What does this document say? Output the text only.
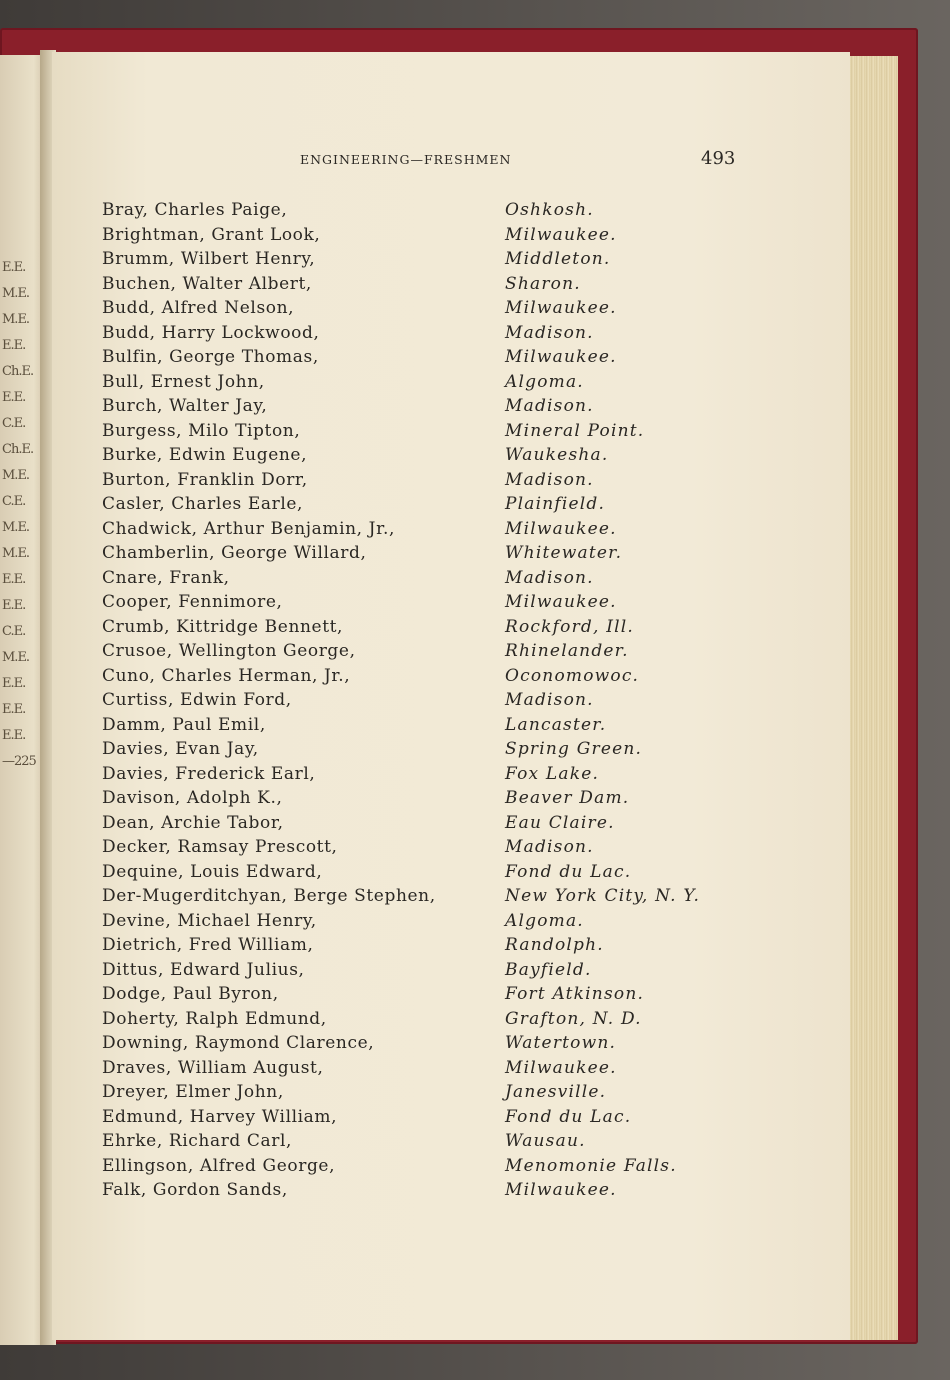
E.E.
M.E.
M.E.
E.E.
Ch.E.
E.E.
C.E.
Ch.E.
M.E.
C.E.
M.E.
M.E.
E.E.
E.E.
C.E.
M.E.
E.E.
E.E.
E.E.
—225
ENGINEERING—FRESHMEN	493
Bray, Charles Paige,	Oshkosh.
Brightman, Grant Look,	Milwaukee.
Brumm, Wilbert Henry,	Middleton.
Buchen, Walter Albert,	Sharon.
Budd, Alfred Nelson,	Milwaukee.
Budd, Harry Lockwood,	Madison.
Bulfin, George Thomas,	Milwaukee.
Bull, Ernest John,	Algoma.
Burch, Walter Jay,	Madison.
Burgess, Milo Tipton,	Mineral Point.
Burke, Edwin Eugene,	Waukesha.
Burton, Franklin Dorr,	Madison.
Casler, Charles Earle,	Plainfield.
Chadwick, Arthur Benjamin, Jr.,	Milwaukee.
Chamberlin, George Willard,	Whitewater.
Cnare, Frank,	Madison.
Cooper, Fennimore,	Milwaukee.
Crumb, Kittridge Bennett,	Rockford, Ill.
Crusoe, Wellington George,	Rhinelander.
Cuno, Charles Herman, Jr.,	Oconomowoc.
Curtiss, Edwin Ford,	Madison.
Damm, Paul Emil,	Lancaster.
Davies, Evan Jay,	Spring Green.
Davies, Frederick Earl,	Fox Lake.
Davison, Adolph K.,	Beaver Dam.
Dean, Archie Tabor,	Eau Claire.
Decker, Ramsay Prescott,	Madison.
Dequine, Louis Edward,	Fond du Lac.
Der-Mugerditchyan, Berge Stephen,	New York City, N. Y.
Devine, Michael Henry,	Algoma.
Dietrich, Fred William,	Randolph.
Dittus, Edward Julius,	Bayfield.
Dodge, Paul Byron,	Fort Atkinson.
Doherty, Ralph Edmund,	Grafton, N. D.
Downing, Raymond Clarence,	Watertown.
Draves, William August,	Milwaukee.
Dreyer, Elmer John,	Janesville.
Edmund, Harvey William,	Fond du Lac.
Ehrke, Richard Carl,	Wausau.
Ellingson, Alfred George,	Menomonie Falls.
Falk, Gordon Sands,	Milwaukee.
